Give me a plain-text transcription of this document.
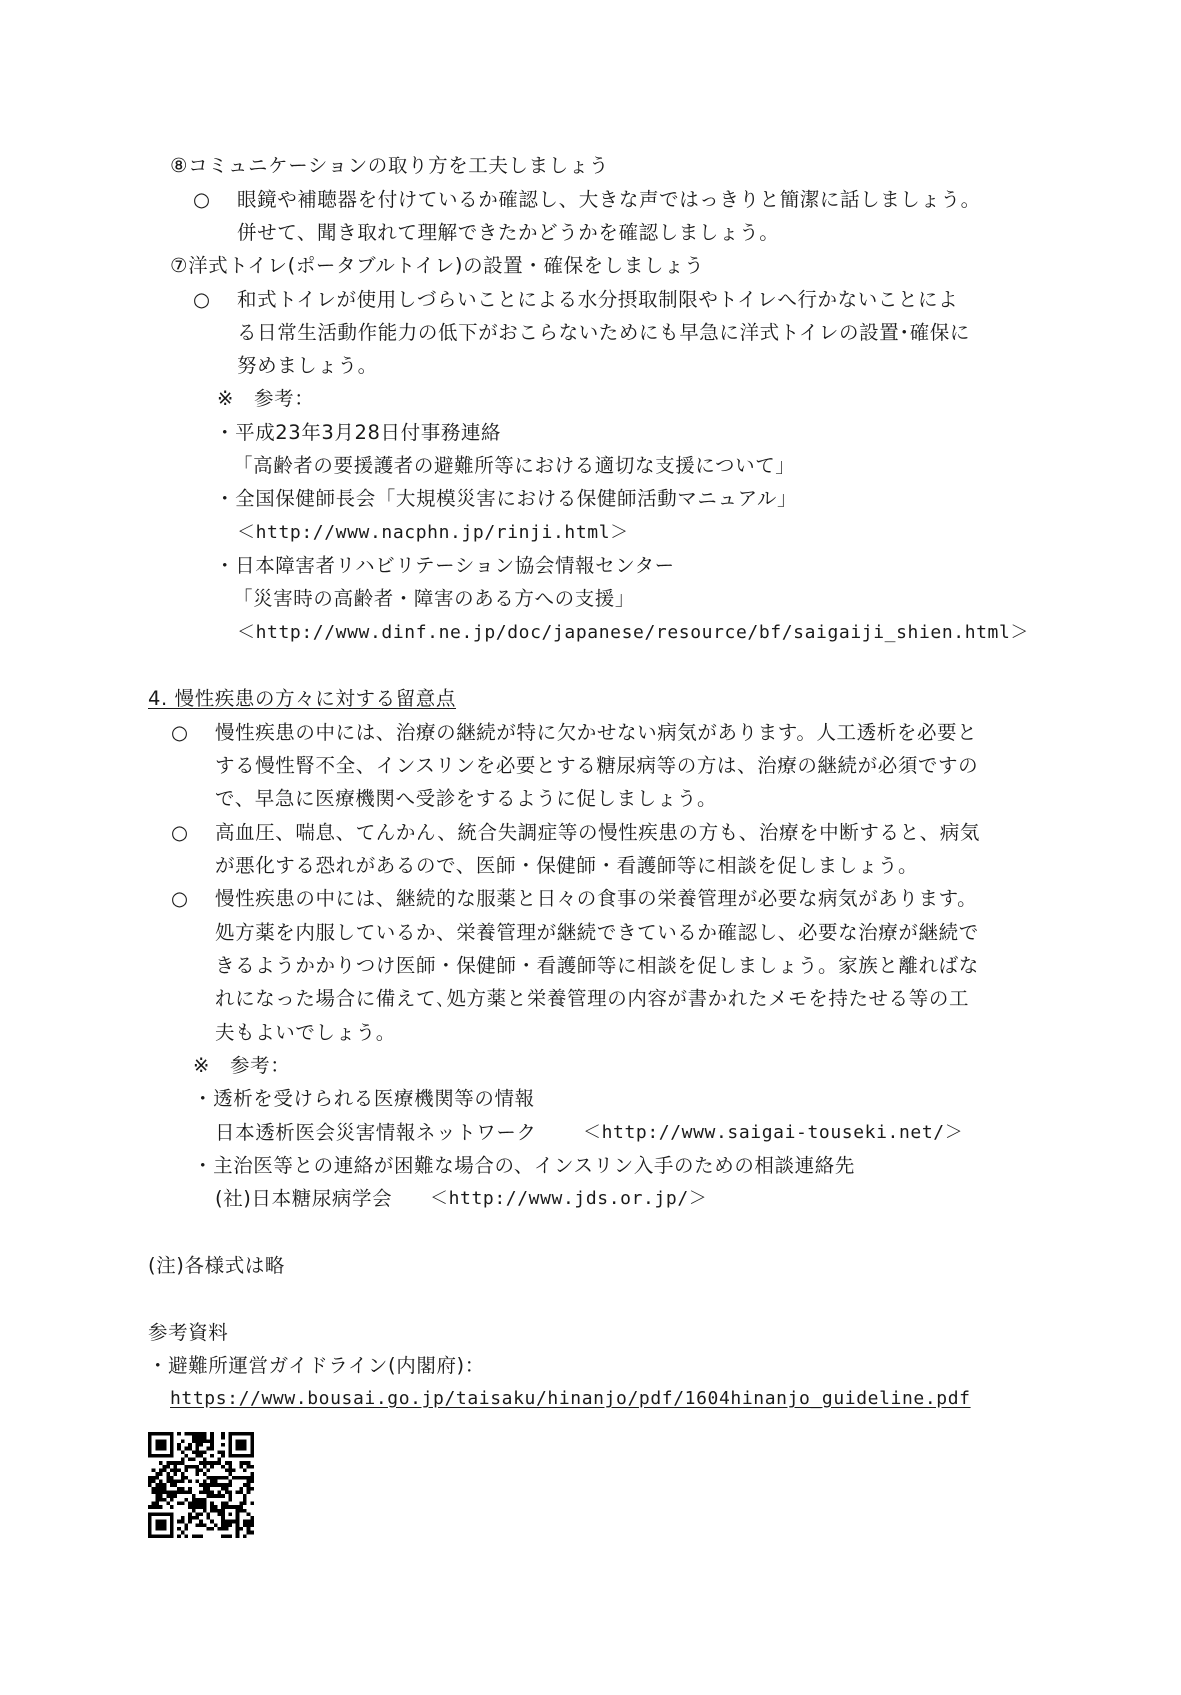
⑧コミュニケーションの取り方を工夫しましょう
○ 眼鏡や補聴器を付けているか確認し、大きな声ではっきりと簡潔に話しましょう。
併せて、聞き取れて理解できたかどうかを確認しましょう。
⑦洋式トイレ(ポータブルトイレ)の設置・確保をしましょう
○ 和式トイレが使用しづらいことによる水分摂取制限やトイレへ行かないことによ
る日常生活動作能力の低下がおこらないためにも早急に洋式トイレの設置･確保に
努めましょう。
※　参考：
・平成23年3月28日付事務連絡
「高齢者の要援護者の避難所等における適切な支援について」
・全国保健師長会「大規模災害における保健師活動マニュアル」
＜http://www.nacphn.jp/rinji.html＞
・日本障害者リハビリテーション協会情報センター
「災害時の高齢者・障害のある方への支援」
＜http://www.dinf.ne.jp/doc/japanese/resource/bf/saigaiji_shien.html＞
4. 慢性疾患の方々に対する留意点
○ 慢性疾患の中には、治療の継続が特に欠かせない病気があります。人工透析を必要と
する慢性腎不全、インスリンを必要とする糖尿病等の方は、治療の継続が必須ですの
で、早急に医療機関へ受診をするように促しましょう。
○ 高血圧、喘息、てんかん、統合失調症等の慢性疾患の方も、治療を中断すると、病気
が悪化する恐れがあるので、医師・保健師・看護師等に相談を促しましょう。
○ 慢性疾患の中には、継続的な服薬と日々の食事の栄養管理が必要な病気があります。
処方薬を内服しているか、栄養管理が継続できているか確認し、必要な治療が継続で
きるようかかりつけ医師・保健師・看護師等に相談を促しましょう。家族と離ればな
れになった場合に備えて､処方薬と栄養管理の内容が書かれたメモを持たせる等の工
夫もよいでしょう。
※　参考：
・透析を受けられる医療機関等の情報
日本透析医会災害情報ネットワーク	＜http://www.saigai-touseki.net/＞
・主治医等との連絡が困難な場合の、インスリン入手のための相談連絡先
(社)日本糖尿病学会 ＜http://www.jds.or.jp/＞
(注)各様式は略
参考資料
・避難所運営ガイドライン(内閣府)：
https://www.bousai.go.jp/taisaku/hinanjo/pdf/1604hinanjo_guideline.pdf
